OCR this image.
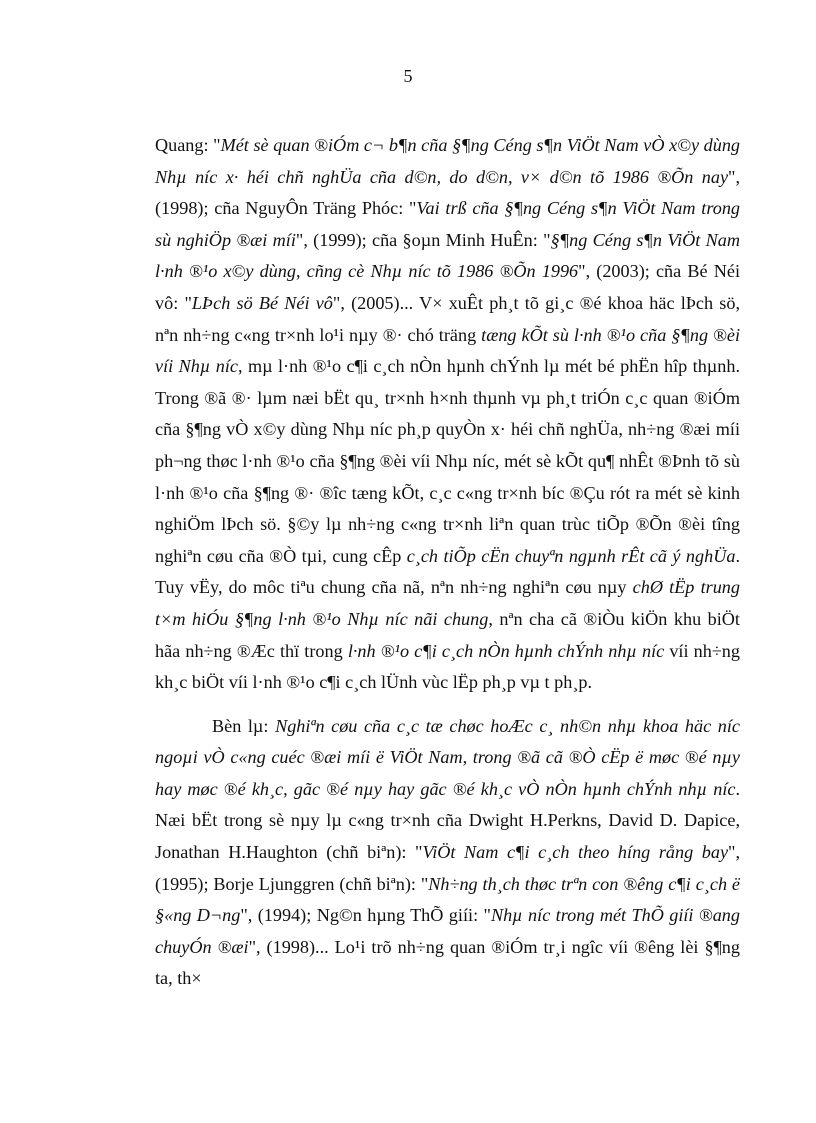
5

Quang: "Mét sè quan ®iÓm c¬ b¶n cña §¶ng Céng s¶n ViÖt Nam vÒ x©y dùng Nhµ níc x· héi chñ nghÜa cña d©n, do d©n, v× d©n tõ 1986 ®Õn nay", (1998); cña NguyÔn Träng Phóc: "Vai trß cña §¶ng Céng s¶n ViÖt Nam trong sù nghiÖp ®æi míi", (1999); cña §oµn Minh HuÊn: "§¶ng Céng s¶n ViÖt Nam l·nh ®¹o x©y dùng, cñng cè Nhµ níc tõ 1986 ®Õn 1996", (2003); cña Bé Néi vô: "LÞch sö Bé Néi vô", (2005)... V× xuÊt ph¸t tõ gi¸c ®é khoa häc lÞch sö, nªn nh÷ng c«ng tr×nh lo¹i nµy ®· chó träng tæng kÕt sù l·nh ®¹o cña §¶ng ®èi víi Nhµ níc, mµ l·nh ®¹o c¶i c¸ch nÒn hµnh chÝnh lµ mét bé phËn hîp thµnh. Trong ®ã ®· lµm næi bËt qu¸ tr×nh h×nh thµnh vµ ph¸t triÓn c¸c quan ®iÓm cña §¶ng vÒ x©y dùng Nhµ níc ph¸p quyÒn x· héi chñ nghÜa, nh÷ng ®æi míi ph¬ng thøc l·nh ®¹o cña §¶ng ®èi víi Nhµ níc, mét sè kÕt qu¶ nhÊt ®Þnh tõ sù l·nh ®¹o cña §¶ng ®· ®îc tæng kÕt, c¸c c«ng tr×nh bíc ®Çu rót ra mét sè kinh nghiÖm lÞch sö. §©y lµ nh÷ng c«ng tr×nh liªn quan trùc tiÕp ®Õn ®èi tîng nghiªn cøu cña ®Ò tµi, cung cÊp c¸ch tiÕp cËn chuyªn ngµnh rÊt cã ý nghÜa. Tuy vËy, do môc tiªu chung cña nã, nªn nh÷ng nghiªn cøu nµy chØ tËp trung t×m hiÓu §¶ng l·nh ®¹o Nhµ níc nãi chung, nªn cha cã ®iÒu kiÖn khu biÖt hãa nh÷ng ®Æc thï trong l·nh ®¹o c¶i c¸ch nÒn hµnh chÝnh nhµ níc víi nh÷ng kh¸c biÖt víi l·nh ®¹o c¶i c¸ch lÜnh vùc lËp ph¸p vµ t ph¸p.

Bèn lµ: Nghiªn cøu cña c¸c tæ chøc hoÆc c¸ nh©n nhµ khoa häc níc ngoµi vÒ c«ng cuéc ®æi míi ë ViÖt Nam, trong ®ã cã ®Ò cËp ë møc ®é nµy hay møc ®é kh¸c, gãc ®é nµy hay gãc ®é kh¸c vÒ nÒn hµnh chÝnh nhµ níc. Næi bËt trong sè nµy lµ c«ng tr×nh cña Dwight H.Perkns, David D. Dapice, Jonathan H.Haughton (chñ biªn): "ViÖt Nam c¶i c¸ch theo híng rång bay", (1995); Borje Ljunggren (chñ biªn): "Nh÷ng th¸ch thøc trªn con ®êng c¶i c¸ch ë §«ng D¬ng", (1994); Ng©n hµng ThÕ giíi: "Nhµ níc trong mét ThÕ giíi ®ang chuyÓn ®æi", (1998)... Lo¹i trõ nh÷ng quan ®iÓm tr¸i ngîc víi ®êng lèi §¶ng ta, th×
